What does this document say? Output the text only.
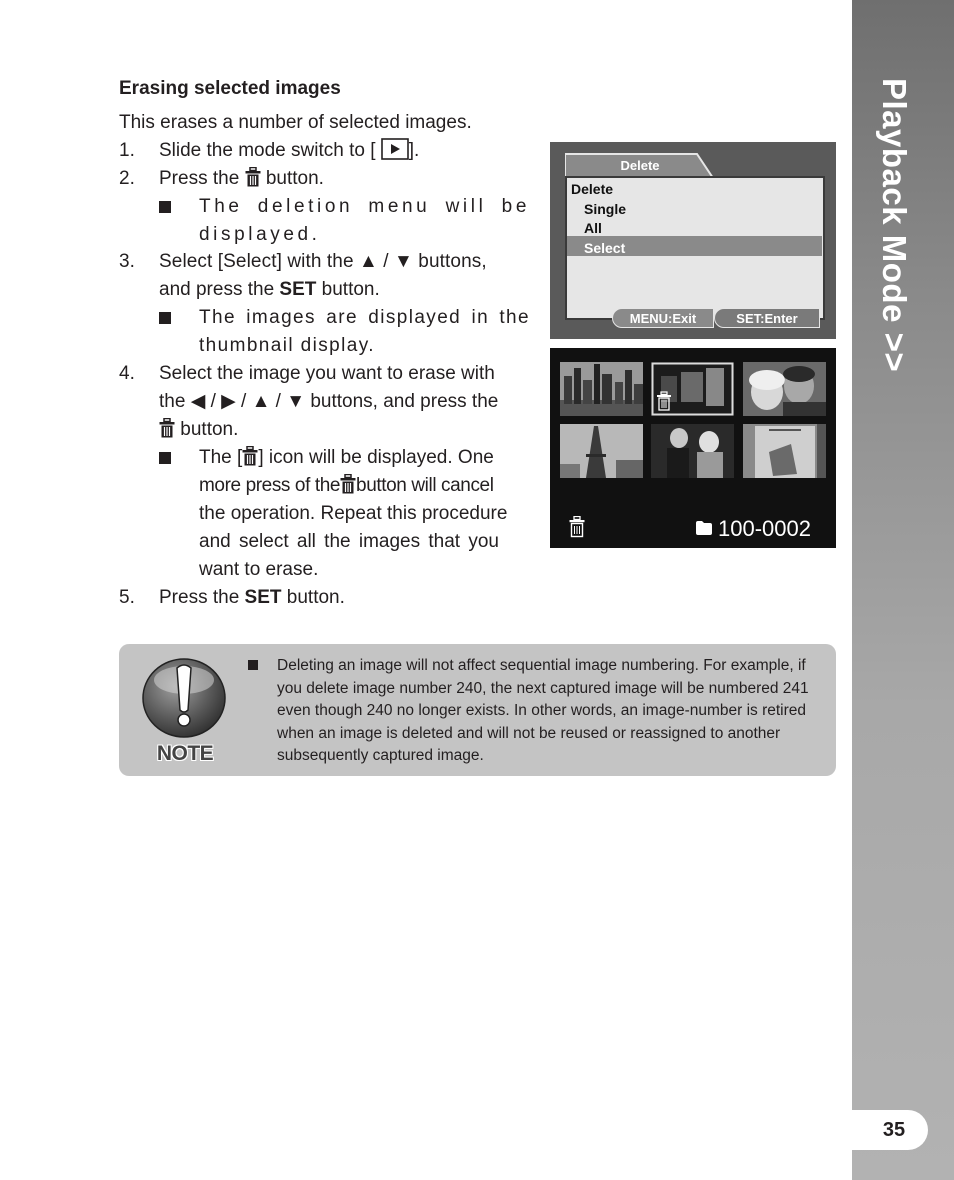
Playback Mode >>
35
Erasing selected images
This erases a number of selected images.
1. Slide the mode switch to [ ].
2. Press the button.
The deletion menu will be displayed.
3. Select [Select] with the ▲ / ▼ buttons,
and press the SET button.
The images are displayed in the thumbnail display.
4. Select the image you want to erase with
the ◀ / ▶ / ▲ / ▼ buttons, and press the
button.
The [ ] icon will be displayed. One
more press of the button will cancel
the operation. Repeat this procedure
and select all the images that you
want to erase.
5. Press the SET button.
Delete
Delete
Single
All
Select
MENU:Exit	SET:Enter
100-0002
NOTE
Deleting an image will not affect sequential image numbering. For example, if you delete image number 240, the next captured image will be numbered 241 even though 240 no longer exists. In other words, an image-number is retired when an image is deleted and will not be reused or reassigned to another subsequently captured image.
